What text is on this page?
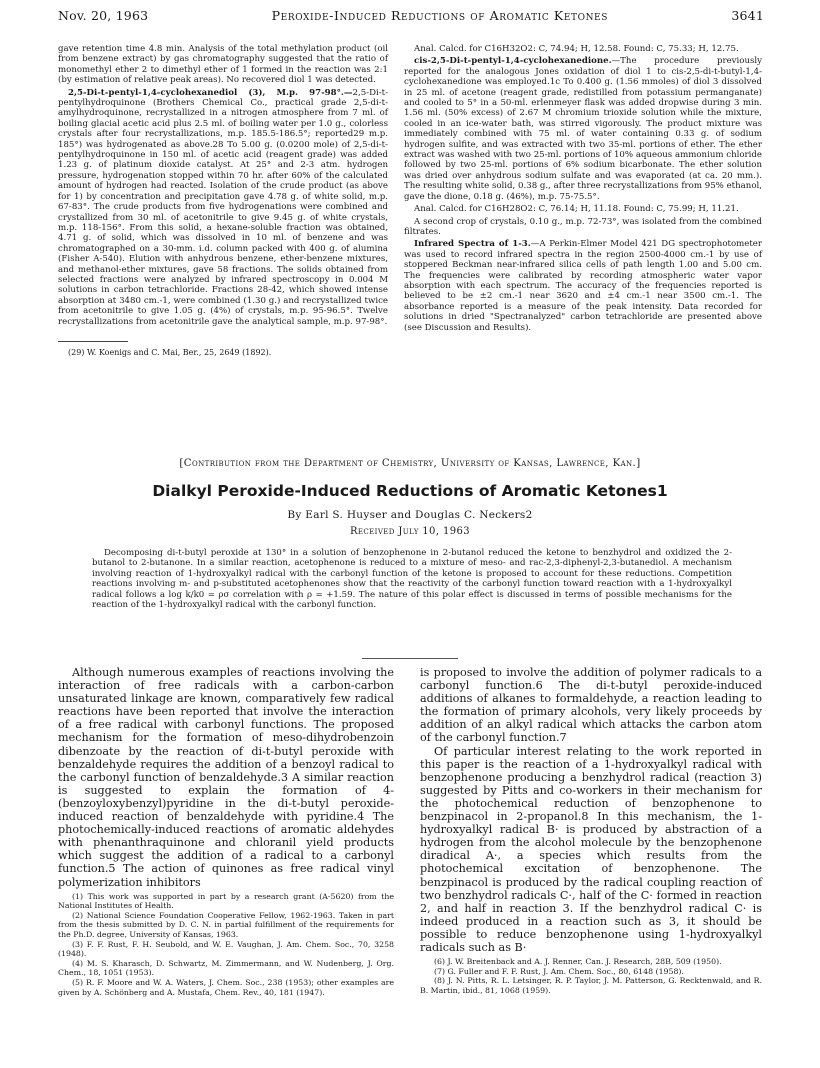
Nov. 20, 1963	Peroxide-Induced Reductions of Aromatic Ketones	3641

gave retention time 4.8 min. Analysis of the total methylation product (oil from benzene extract) by gas chromatography suggested that the ratio of monomethyl ether 2 to dimethyl ether of 1 formed in the reaction was 2:1 (by estimation of relative peak areas). No recovered diol 1 was detected.

2,5-Di-t-pentyl-1,4-cyclohexanediol (3), M.p. 97-98°.—2,5-Di-t-pentylhydroquinone (Brothers Chemical Co., practical grade 2,5-di-t-amylhydroquinone, recrystallized in a nitrogen atmosphere from 7 ml. of boiling glacial acetic acid plus 2.5 ml. of boiling water per 1.0 g., colorless crystals after four recrystallizations, m.p. 185.5-186.5°; reported29 m.p. 185°) was hydrogenated as above.28 To 5.00 g. (0.0200 mole) of 2,5-di-t-pentylhydroquinone in 150 ml. of acetic acid (reagent grade) was added 1.23 g. of platinum dioxide catalyst. At 25° and 2-3 atm. hydrogen pressure, hydrogenation stopped within 70 hr. after 60% of the calculated amount of hydrogen had reacted. Isolation of the crude product (as above for 1) by concentration and precipitation gave 4.78 g. of white solid, m.p. 67-83°. The crude products from five hydrogenations were combined and crystallized from 30 ml. of acetonitrile to give 9.45 g. of white crystals, m.p. 118-156°. From this solid, a hexane-soluble fraction was obtained, 4.71 g. of solid, which was dissolved in 10 ml. of benzene and was chromatographed on a 30-mm. i.d. column packed with 400 g. of alumina (Fisher A-540). Elution with anhydrous benzene, ether-benzene mixtures, and methanol-ether mixtures, gave 58 fractions. The solids obtained from selected fractions were analyzed by infrared spectroscopy in 0.004 M solutions in carbon tetrachloride. Fractions 28-42, which showed intense absorption at 3480 cm.-1, were combined (1.30 g.) and recrystallized twice from acetonitrile to give 1.05 g. (4%) of crystals, m.p. 95-96.5°. Twelve recrystallizations from acetonitrile gave the analytical sample, m.p. 97-98°.

(29) W. Koenigs and C. Mai, Ber., 25, 2649 (1892).

Anal. Calcd. for C16H32O2: C, 74.94; H, 12.58. Found: C, 75.33; H, 12.75.

cis-2,5-Di-t-pentyl-1,4-cyclohexanedione.—The procedure previously reported for the analogous Jones oxidation of diol 1 to cis-2,5-di-t-butyl-1,4-cyclohexanedione was employed.1c To 0.400 g. (1.56 mmoles) of diol 3 dissolved in 25 ml. of acetone (reagent grade, redistilled from potassium permanganate) and cooled to 5° in a 50-ml. erlenmeyer flask was added dropwise during 3 min. 1.56 ml. (50% excess) of 2.67 M chromium trioxide solution while the mixture, cooled in an ice-water bath, was stirred vigorously. The product mixture was immediately combined with 75 ml. of water containing 0.33 g. of sodium hydrogen sulfite, and was extracted with two 35-ml. portions of ether. The ether extract was washed with two 25-ml. portions of 10% aqueous ammonium chloride followed by two 25-ml. portions of 6% sodium bicarbonate. The ether solution was dried over anhydrous sodium sulfate and was evaporated (at ca. 20 mm.). The resulting white solid, 0.38 g., after three recrystallizations from 95% ethanol, gave the dione, 0.18 g. (46%), m.p. 75-75.5°.

Anal. Calcd. for C16H28O2: C, 76.14; H, 11.18. Found: C, 75.99; H, 11.21.

A second crop of crystals, 0.10 g., m.p. 72-73°, was isolated from the combined filtrates.

Infrared Spectra of 1-3.—A Perkin-Elmer Model 421 DG spectrophotometer was used to record infrared spectra in the region 2500-4000 cm.-1 by use of stoppered Beckman near-infrared silica cells of path length 1.00 and 5.00 cm. The frequencies were calibrated by recording atmospheric water vapor absorption with each spectrum. The accuracy of the frequencies reported is believed to be ±2 cm.-1 near 3620 and ±4 cm.-1 near 3500 cm.-1. The absorbance reported is a measure of the peak intensity. Data recorded for solutions in dried "Spectranalyzed" carbon tetrachloride are presented above (see Discussion and Results).

[Contribution from the Department of Chemistry, University of Kansas, Lawrence, Kan.]
Dialkyl Peroxide-Induced Reductions of Aromatic Ketones1
By Earl S. Huyser and Douglas C. Neckers2
Received July 10, 1963
Decomposing di-t-butyl peroxide at 130° in a solution of benzophenone in 2-butanol reduced the ketone to benzhydrol and oxidized the 2-butanol to 2-butanone. In a similar reaction, acetophenone is reduced to a mixture of meso- and rac-2,3-diphenyl-2,3-butanediol. A mechanism involving reaction of 1-hydroxyalkyl radical with the carbonyl function of the ketone is proposed to account for these reductions. Competition reactions involving m- and p-substituted acetophenones show that the reactivity of the carbonyl function toward reaction with a 1-hydroxyalkyl radical follows a log k/k0 = ρσ correlation with ρ = +1.59. The nature of this polar effect is discussed in terms of possible mechanisms for the reaction of the 1-hydroxyalkyl radical with the carbonyl function.

Although numerous examples of reactions involving the interaction of free radicals with a carbon-carbon unsaturated linkage are known, comparatively few radical reactions have been reported that involve the interaction of a free radical with carbonyl functions. The proposed mechanism for the formation of meso-dihydrobenzoin dibenzoate by the reaction of di-t-butyl peroxide with benzaldehyde requires the addition of a benzoyl radical to the carbonyl function of benzaldehyde.3 A similar reaction is suggested to explain the formation of 4-(benzoyloxybenzyl)pyridine in the di-t-butyl peroxide-induced reaction of benzaldehyde with pyridine.4 The photochemically-induced reactions of aromatic aldehydes with phenanthraquinone and chloranil yield products which suggest the addition of a radical to a carbonyl function.5 The action of quinones as free radical vinyl polymerization inhibitors

(1) This work was supported in part by a research grant (A-5620) from the National Institutes of Health.

(2) National Science Foundation Cooperative Fellow, 1962-1963. Taken in part from the thesis submitted by D. C. N. in partial fulfillment of the requirements for the Ph.D. degree, University of Kansas, 1963.

(3) F. F. Rust, F. H. Seubold, and W. E. Vaughan, J. Am. Chem. Soc., 70, 3258 (1948).

(4) M. S. Kharasch, D. Schwartz, M. Zimmermann, and W. Nudenberg, J. Org. Chem., 18, 1051 (1953).

(5) R. F. Moore and W. A. Waters, J. Chem. Soc., 238 (1953); other examples are given by A. Schönberg and A. Mustafa, Chem. Rev., 40, 181 (1947).

is proposed to involve the addition of polymer radicals to a carbonyl function.6 The di-t-butyl peroxide-induced additions of alkanes to formaldehyde, a reaction leading to the formation of primary alcohols, very likely proceeds by addition of an alkyl radical which attacks the carbon atom of the carbonyl function.7

Of particular interest relating to the work reported in this paper is the reaction of a 1-hydroxyalkyl radical with benzophenone producing a benzhydrol radical (reaction 3) suggested by Pitts and co-workers in their mechanism for the photochemical reduction of benzophenone to benzpinacol in 2-propanol.8 In this mechanism, the 1-hydroxyalkyl radical B· is produced by abstraction of a hydrogen from the alcohol molecule by the benzophenone diradical A·, a species which results from the photochemical excitation of benzophenone. The benzpinacol is produced by the radical coupling reaction of two benzhydrol radicals C·, half of the C· formed in reaction 2, and half in reaction 3. If the benzhydrol radical C· is indeed produced in a reaction such as 3, it should be possible to reduce benzophenone using 1-hydroxyalkyl radicals such as B·

(6) J. W. Breitenback and A. J. Renner, Can. J. Research, 28B, 509 (1950).

(7) G. Fuller and F. F. Rust, J. Am. Chem. Soc., 80, 6148 (1958).

(8) J. N. Pitts, R. L. Letsinger, R. P. Taylor, J. M. Patterson, G. Recktenwald, and R. B. Martin, ibid., 81, 1068 (1959).
